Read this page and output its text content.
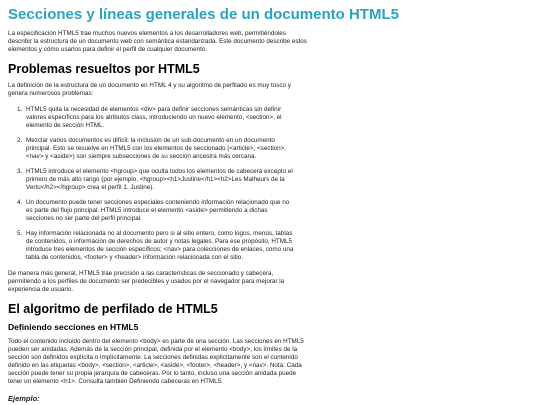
Secciones y líneas generales de un documento HTML5

La especificación HTML5 trae muchos nuevos elementos a los desarrolladores web, permitiéndoles describir la estructura de un documento web con semántica estandarizada. Este documento describe estos elementos y cómo usarlos para definir el perfil de cualquier documento.

Problemas resueltos por HTML5

La definición de la estructura de un documento en HTML 4 y su algoritmo de perfilado es muy tosco y genera numerosos problemas:

1. HTML5 quita la necesidad de elementos <div> para definir secciones semánticas sin definir valores específicos para los atributos class, introduciendo un nuevo elemento, <section>, el elemento de sección HTML.
2. Mezclar varios documentos es difícil: la inclusión de un sub-documento en un documento principal. Esto se resuelve en HTML5 con los elementos de seccionado (<article>, <section>, <nav> y <aside>) son siempre subsecciones de su sección ancestra más cercana.
3. HTML5 introduce el elemento <hgroup> que oculta todos los elementos de cabecera excepto el primero de más alto rango (por ejemplo, <hgroup><h1>Justine</h1><h2>Les Malheurs de la Vertu</h2></hgroup> crea el perfil 1. Justine).
4. Un documento puede tener secciones especiales conteniendo información relacionado que no es parte del flujo principal. HTML5 introduce el elemento <aside> permitiendo a dichas secciones no ser parte del perfil principal.
5. Hay información relacionada no al documento pero si al sitio entero, como logos, menús, tablas de contenidos, o información de derechos de autor y notas legales. Para ese propósito, HTML5 introduce tres elementos de sección específicos; <nav> para colecciones de enlaces, como una tabla de contenidos, <footer> y <header> información relacionada con el sitio.

De manera más general, HTML5 trae precisión a las características de seccionado y cabecera, permitiendo a los perfiles de documento ser predecibles y usados por el navegador para mejorar la experiencia de usuario.

El algoritmo de perfilado de HTML5
Definiendo secciones en HTML5

Todo el contenido incluido dentro del elemento <body> es parte de una sección. Las secciones en HTML5 pueden ser anidadas. Además de la sección principal, definida por el elemento <body>, los límites de la sección son definidos explícita o implícitamente. La secciones definidas explícitamente son el contenido definido en las etiquetas <body>, <section>, <article>, <aside>, <footer>, <header>, y <nav>. Nota: Cada sección puede tener su propia jerarquía de cabeceras. Por lo tanto, incluso una sección anidada puede tener un elemento <h1>. Consulta también Definiendo cabeceras en HTML5.

Ejemplo:
